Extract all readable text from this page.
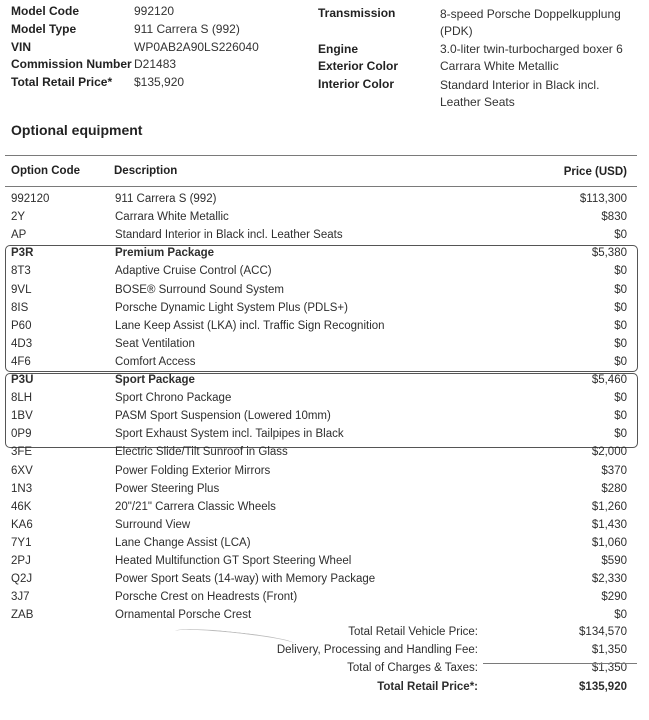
Model Code	992120
Model Type	911 Carrera S (992)
VIN	WP0AB2A90LS226040
Commission Number D21483
Total Retail Price* $135,920
Transmission	8-speed Porsche Doppelkupplung (PDK)
Engine	3.0-liter twin-turbocharged boxer 6
Exterior Color	Carrara White Metallic
Interior Color	Standard Interior in Black incl. Leather Seats

Optional equipment
Option Code	Description	Price (USD)
992120	911 Carrera S (992)	$113,300
2Y	Carrara White Metallic	$830
AP	Standard Interior in Black incl. Leather Seats	$0
P3R	Premium Package	$5,380
8T3	Adaptive Cruise Control (ACC)	$0
9VL	BOSE® Surround Sound System	$0
8IS	Porsche Dynamic Light System Plus (PDLS+)	$0
P60	Lane Keep Assist (LKA) incl. Traffic Sign Recognition	$0
4D3	Seat Ventilation	$0
4F6	Comfort Access	$0
P3U	Sport Package	$5,460
8LH	Sport Chrono Package	$0
1BV	PASM Sport Suspension (Lowered 10mm)	$0
0P9	Sport Exhaust System incl. Tailpipes in Black	$0
3FE	Electric Slide/Tilt Sunroof in Glass	$2,000
6XV	Power Folding Exterior Mirrors	$370
1N3	Power Steering Plus	$280
46K	20"/21" Carrera Classic Wheels	$1,260
KA6	Surround View	$1,430
7Y1	Lane Change Assist (LCA)	$1,060
2PJ	Heated Multifunction GT Sport Steering Wheel	$590
Q2J	Power Sport Seats (14-way) with Memory Package	$2,330
3J7	Porsche Crest on Headrests (Front)	$290
ZAB	Ornamental Porsche Crest	$0
Total Retail Vehicle Price:	$134,570
Delivery, Processing and Handling Fee:	$1,350
Total of Charges & Taxes:	$1,350
Total Retail Price*:	$135,920
